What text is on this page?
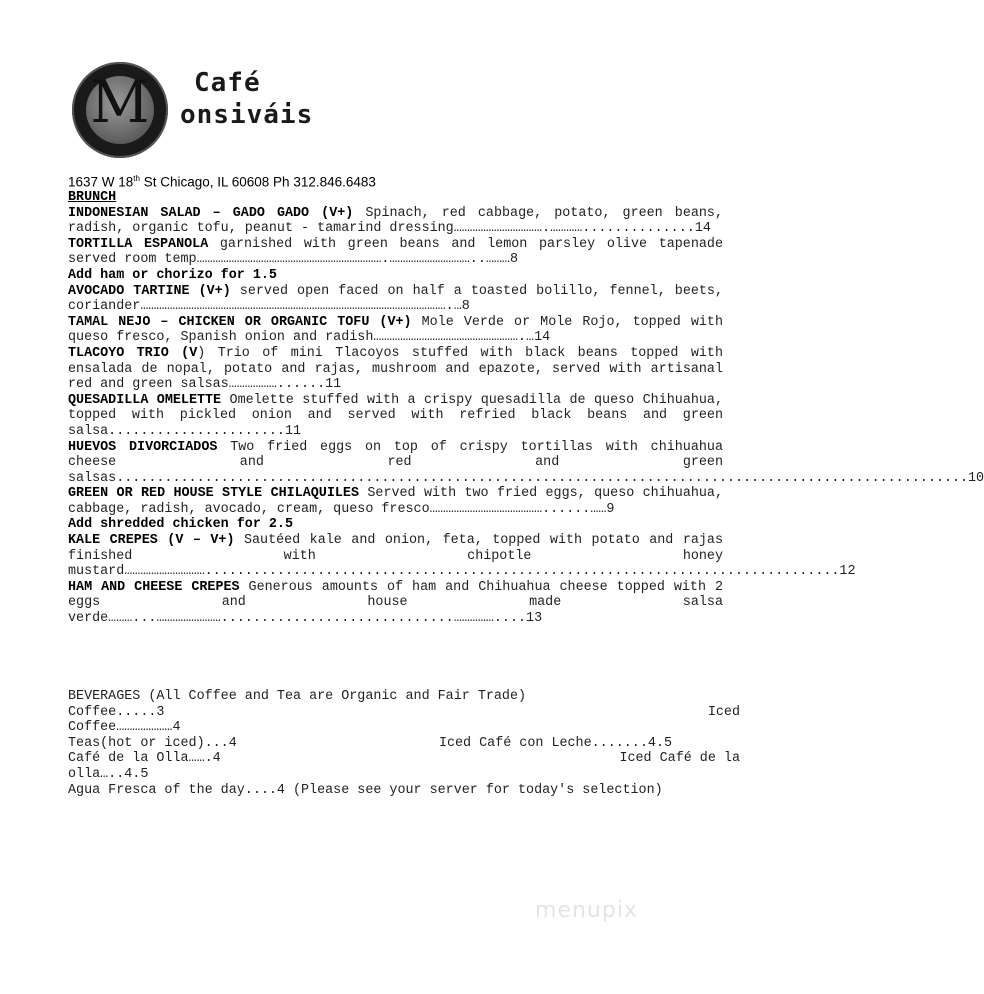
M	Café
onsiváis
1637 W 18th St Chicago, IL 60608 Ph 312.846.6483
BRUNCH
INDONESIAN SALAD – GADO GADO (V+) Spinach, red cabbage, potato, green beans, radish, organic tofu, peanut - tamarind dressing…………………………….…………..............14
TORTILLA ESPANOLA garnished with green beans and lemon parsley olive tapenade served room temp…………………………………………………………….…………………………..………8
Add ham or chorizo for 1.5
AVOCADO TARTINE (V+) served open faced on half a toasted bolillo, fennel, beets, coriander…………………………………………………………………………………………………….…8
TAMAL NEJO – CHICKEN OR ORGANIC TOFU (V+) Mole Verde or Mole Rojo, topped with queso fresco, Spanish onion and radish……………………………………………….…14
TLACOYO TRIO (V) Trio of mini Tlacoyos stuffed with black beans topped with ensalada de nopal, potato and rajas, mushroom and epazote, served with artisanal red and green salsas………………......11
QUESADILLA OMELETTE Omelette stuffed with a crispy quesadilla de queso Chihuahua, topped with pickled onion and served with refried black beans and green salsa......................11
HUEVOS DIVORCIADOS Two fried eggs on top of crispy tortillas with chihuahua cheese and red and green salsas..........................................................................................................10
GREEN OR RED HOUSE STYLE CHILAQUILES Served with two fried eggs, queso chihuahua, cabbage, radish, avocado, cream, queso fresco……………………………………......……9
Add shredded chicken for 2.5
KALE CREPES (V – V+) Sautéed kale and onion, feta, topped with potato and rajas finished with chipotle honey mustard…………………………...............................................................................12
HAM AND CHEESE CREPES Generous amounts of ham and Chihuahua cheese topped with 2 eggs and house made salsa verde………...…………………….............................……………....13
BEVERAGES (All Coffee and Tea are Organic and Fair Trade)
Coffee.....3	Iced
Coffee…………………4
Teas(hot or iced)...4	Iced Café con Leche.......4.5
Café de la Olla…….4	Iced Café de la
olla…..4.5
Agua Fresca of the day....4 (Please see your server for today's selection)
menupix
